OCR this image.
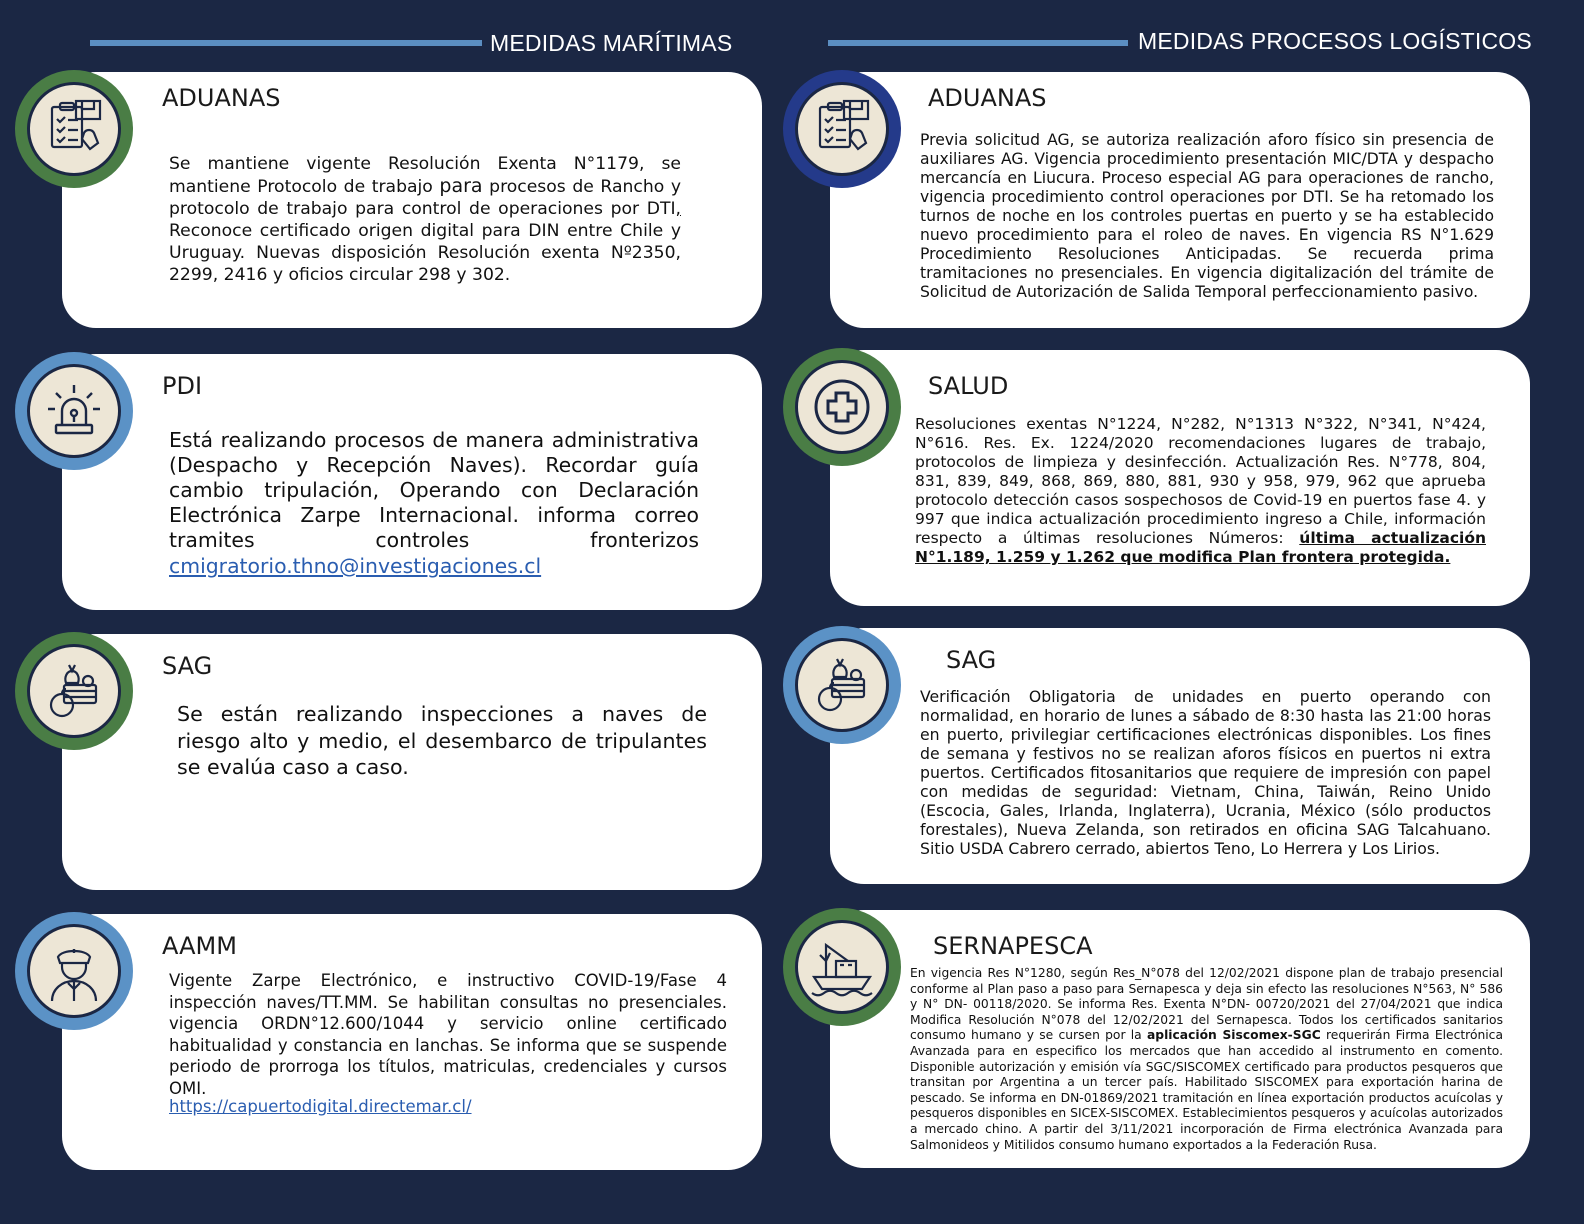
MEDIDAS MARÍTIMAS	MEDIDAS PROCESOS LOGÍSTICOS
ADUANAS
Se mantiene vigente Resolución Exenta N°1179, se mantiene Protocolo de trabajo para procesos de Rancho y protocolo de trabajo para control de operaciones por DTI, Reconoce certificado origen digital para DIN entre Chile y Uruguay. Nuevas disposición Resolución exenta Nº2350, 2299, 2416 y oficios circular 298 y 302.
PDI
Está realizando procesos de manera administrativa (Despacho y Recepción Naves). Recordar guía cambio tripulación, Operando con Declaración Electrónica Zarpe Internacional. informa correo tramites controles fronterizos
cmigratorio.thno@investigaciones.cl
SAG
Se están realizando inspecciones a naves de riesgo alto y medio, el desembarco de tripulantes se evalúa caso a caso.
AAMM
Vigente Zarpe Electrónico, e instructivo COVID-19/Fase 4 inspección naves/TT.MM. Se habilitan consultas no presenciales. vigencia ORDN°12.600/1044 y servicio online certificado habitualidad y constancia en lanchas. Se informa que se suspende periodo de prorroga los títulos, matriculas, credenciales y cursos OMI.
https://capuertodigital.directemar.cl/
ADUANAS
Previa solicitud AG, se autoriza realización aforo físico sin presencia de auxiliares AG. Vigencia procedimiento presentación MIC/DTA y despacho mercancía en Liucura. Proceso especial AG para operaciones de rancho, vigencia procedimiento control operaciones por DTI. Se ha retomado los turnos de noche en los controles puertas en puerto y se ha establecido nuevo procedimiento para el roleo de naves. En vigencia RS N°1.629 Procedimiento Resoluciones Anticipadas. Se recuerda prima tramitaciones no presenciales. En vigencia digitalización del trámite de Solicitud de Autorización de Salida Temporal perfeccionamiento pasivo.
SALUD
Resoluciones exentas N°1224, N°282, N°1313 N°322, N°341, N°424, N°616. Res. Ex. 1224/2020 recomendaciones lugares de trabajo, protocolos de limpieza y desinfección. Actualización Res. N°778, 804, 831, 839, 849, 868, 869, 880, 881, 930 y 958, 979, 962 que aprueba protocolo detección casos sospechosos de Covid-19 en puertos fase 4. y 997 que indica actualización procedimiento ingreso a Chile, información respecto a últimas resoluciones Números: última actualización N°1.189, 1.259 y 1.262 que modifica Plan frontera protegida.
SAG
Verificación Obligatoria de unidades en puerto operando con normalidad, en horario de lunes a sábado de 8:30 hasta las 21:00 horas en puerto, privilegiar certificaciones electrónicas disponibles. Los fines de semana y festivos no se realizan aforos físicos en puertos ni extra puertos. Certificados fitosanitarios que requiere de impresión con papel con medidas de seguridad: Vietnam, China, Taiwán, Reino Unido (Escocia, Gales, Irlanda, Inglaterra), Ucrania, México (sólo productos forestales), Nueva Zelanda, son retirados en oficina SAG Talcahuano. Sitio USDA Cabrero cerrado, abiertos Teno, Lo Herrera y Los Lirios.
SERNAPESCA
En vigencia Res N°1280, según Res_N°078 del 12/02/2021 dispone plan de trabajo presencial conforme al Plan paso a paso para Sernapesca y deja sin efecto las resoluciones N°563, N° 586 y N° DN- 00118/2020. Se informa Res. Exenta N°DN- 00720/2021 del 27/04/2021 que indica Modifica Resolución N°078 del 12/02/2021 del Sernapesca. Todos los certificados sanitarios consumo humano y se cursen por la aplicación Siscomex-SGC requerirán Firma Electrónica Avanzada para en especifico los mercados que han accedido al instrumento en comento. Disponible autorización y emisión vía SGC/SISCOMEX certificado para productos pesqueros que transitan por Argentina a un tercer país. Habilitado SISCOMEX para exportación harina de pescado. Se informa en DN-01869/2021 tramitación en línea exportación productos acuícolas y pesqueros disponibles en SICEX-SISCOMEX. Establecimientos pesqueros y acuícolas autorizados a mercado chino. A partir del 3/11/2021 incorporación de Firma electrónica Avanzada para Salmonideos y Mitilidos consumo humano exportados a la Federación Rusa.
